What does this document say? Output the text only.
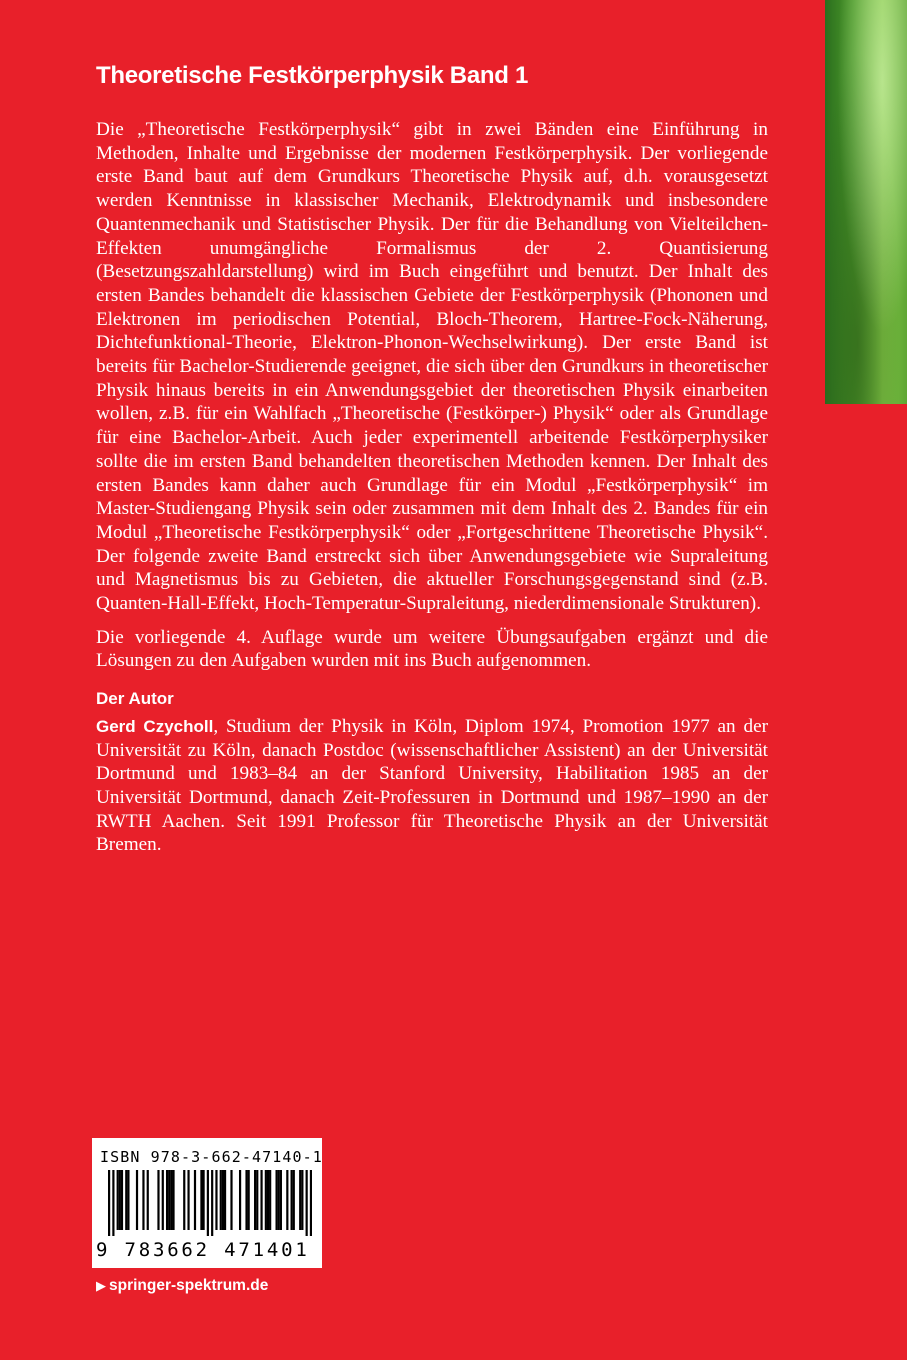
Theoretische Festkörperphysik Band 1

Die „Theoretische Festkörperphysik“ gibt in zwei Bänden eine Einführung in Methoden, Inhalte und Ergebnisse der modernen Festkörperphysik. Der vorliegende erste Band baut auf dem Grundkurs Theoretische Physik auf, d.h. vorausgesetzt werden Kenntnisse in klassischer Mechanik, Elektrodynamik und insbesondere Quantenmechanik und Statistischer Physik. Der für die Behandlung von Vielteilchen-Effekten unumgängliche Formalismus der 2. Quantisierung (Besetzungszahldarstellung) wird im Buch eingeführt und benutzt. Der Inhalt des ersten Bandes behandelt die klassischen Gebiete der Festkörperphysik (Phononen und Elektronen im periodischen Potential, Bloch-Theorem, Hartree-Fock-Näherung, Dichtefunktional-Theorie, Elektron-Phonon-Wechselwirkung). Der erste Band ist bereits für Bachelor-Studierende geeignet, die sich über den Grundkurs in theoretischer Physik hinaus bereits in ein Anwendungsgebiet der theoretischen Physik einarbeiten wollen, z.B. für ein Wahlfach „Theoretische (Festkörper-) Physik“ oder als Grundlage für eine Bachelor-Arbeit. Auch jeder experimentell arbeitende Festkörperphysiker sollte die im ersten Band behandelten theoretischen Methoden kennen. Der Inhalt des ersten Bandes kann daher auch Grundlage für ein Modul „Festkörperphysik“ im Master-Studiengang Physik sein oder zusammen mit dem Inhalt des 2. Bandes für ein Modul „Theoretische Festkörperphysik“ oder „Fortgeschrittene Theoretische Physik“. Der folgende zweite Band erstreckt sich über Anwendungsgebiete wie Supraleitung und Magnetismus bis zu Gebieten, die aktueller Forschungsgegenstand sind (z.B. Quanten-Hall-Effekt, Hoch-Temperatur-Supraleitung, niederdimensionale Strukturen).

Die vorliegende 4. Auflage wurde um weitere Übungsaufgaben ergänzt und die Lösungen zu den Aufgaben wurden mit ins Buch aufgenommen.

Der Autor

Gerd Czycholl, Studium der Physik in Köln, Diplom 1974, Promotion 1977 an der Universität zu Köln, danach Postdoc (wissenschaftlicher Assistent) an der Universität Dortmund und 1983–84 an der Stanford University, Habilitation 1985 an der Universität Dortmund, danach Zeit-Professuren in Dortmund und 1987–1990 an der RWTH Aachen. Seit 1991 Professor für Theoretische Physik an der Universität Bremen.

ISBN 978-3-662-47140-1
9 783662 471401
▶ springer-spektrum.de
